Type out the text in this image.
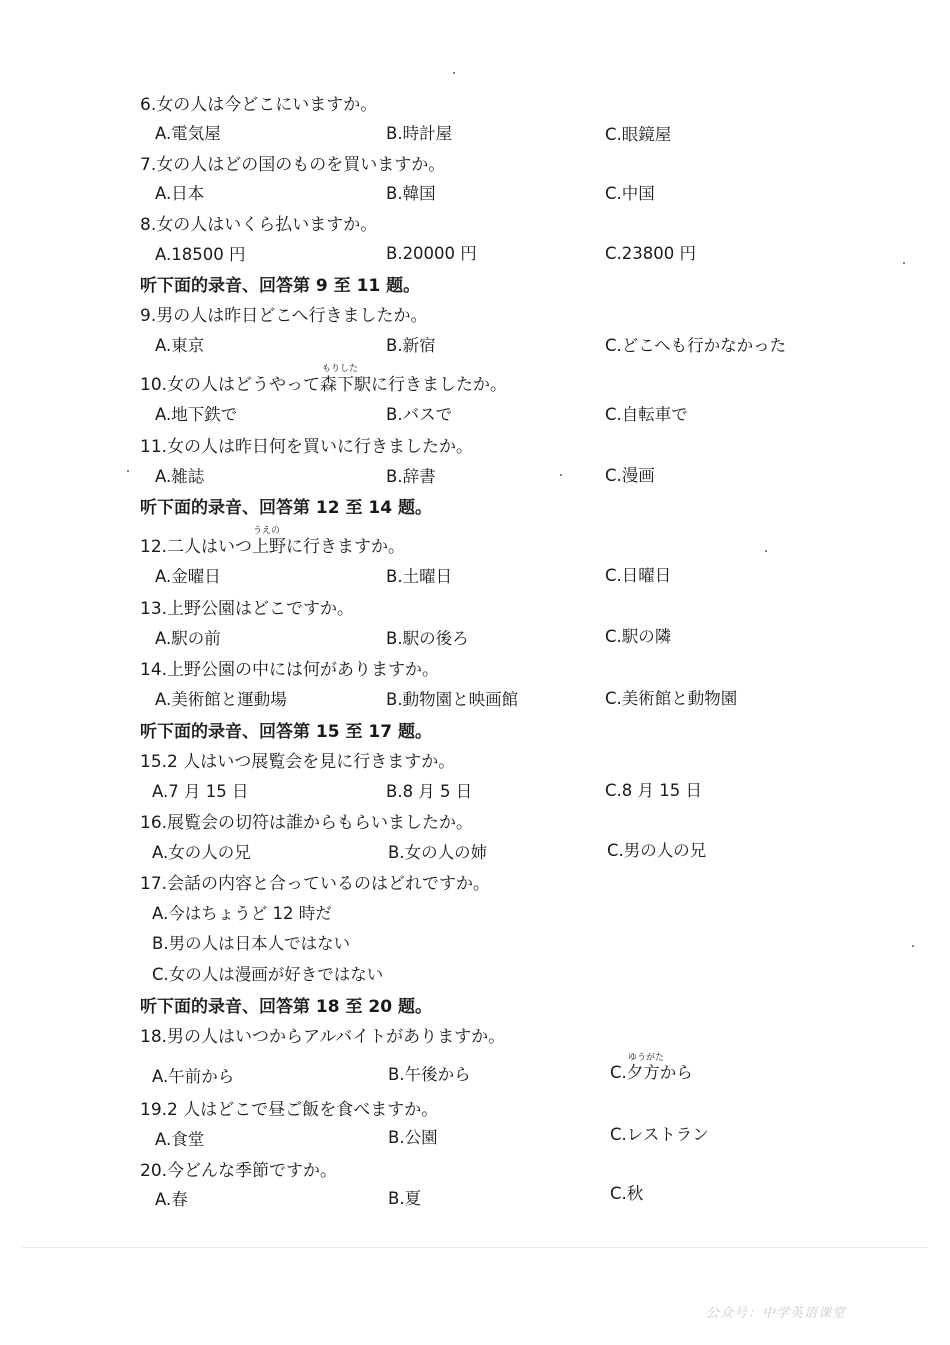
6.女の人は今どこにいますか。
A.電気屋	B.時計屋	C.眼鏡屋
7.女の人はどの国のものを買いますか。
A.日本	B.韓国	C.中国
8.女の人はいくら払いますか。
A.18500 円	B.20000 円	C.23800 円
听下面的录音、回答第 9 至 11 题。
9.男の人は昨日どこへ行きましたか。
A.東京	B.新宿	C.どこへも行かなかった
もりした
10.女の人はどうやって森下駅に行きましたか。
A.地下鉄で	B.バスで	C.自転車で
11.女の人は昨日何を買いに行きましたか。
A.雑誌	B.辞書	C.漫画
听下面的录音、回答第 12 至 14 题。
うえの
12.二人はいつ上野に行きますか。
A.金曜日	B.土曜日	C.日曜日
13.上野公園はどこですか。
A.駅の前	B.駅の後ろ	C.駅の隣
14.上野公園の中には何がありますか。
A.美術館と運動場	B.動物園と映画館	C.美術館と動物園
听下面的录音、回答第 15 至 17 题。
15.2 人はいつ展覧会を見に行きますか。
A.7 月 15 日	B.8 月 5 日	C.8 月 15 日
16.展覧会の切符は誰からもらいましたか。
A.女の人の兄	B.女の人の姉	C.男の人の兄
17.会話の内容と合っているのはどれですか。
A.今はちょうど 12 時だ
B.男の人は日本人ではない
C.女の人は漫画が好きではない
听下面的录音、回答第 18 至 20 题。
18.男の人はいつからアルバイトがありますか。
A.午前から	B.午後から
ゆうがた
C.夕方から
19.2 人はどこで昼ご飯を食べますか。
A.食堂	B.公園	C.レストラン
20.今どんな季節ですか。
A.春	B.夏	C.秋
公众号：中学英语课堂
